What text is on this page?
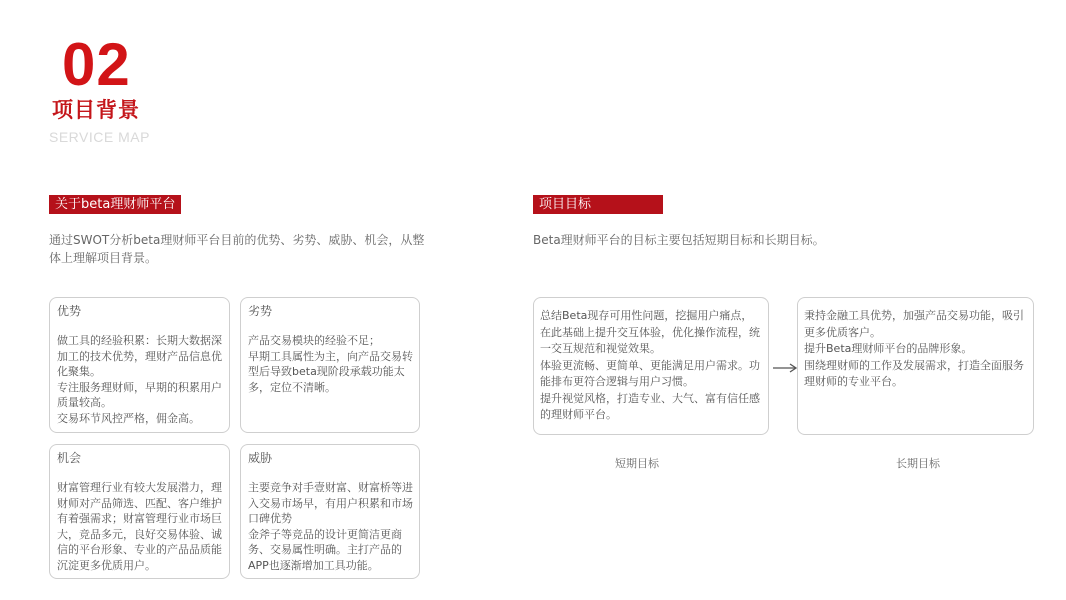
02
项目背景
SERVICE MAP
关于beta理财师平台
通过SWOT分析beta理财师平台目前的优势、劣势、威胁、机会，从整体上理解项目背景。
优势

做工具的经验积累：长期大数据深加工的技术优势，理财产品信息优化聚集。

专注服务理财师，早期的积累用户质量较高。

交易环节风控严格，佣金高。

劣势

产品交易模块的经验不足；

早期工具属性为主，向产品交易转型后导致beta现阶段承载功能太多，定位不清晰。

机会

财富管理行业有较大发展潜力，理财师对产品筛选、匹配、客户维护有着强需求；财富管理行业市场巨大，竞品多元，良好交易体验、诚信的平台形象、专业的产品品质能沉淀更多优质用户。

威胁

主要竞争对手壹财富、财富桥等进入交易市场早，有用户积累和市场口碑优势

金斧子等竞品的设计更简洁更商务、交易属性明确。主打产品的APP也逐渐增加工具功能。

项目目标
Beta理财师平台的目标主要包括短期目标和长期目标。

总结Beta现存可用性问题，挖掘用户痛点，在此基础上提升交互体验，优化操作流程，统一交互规范和视觉效果。

体验更流畅、更简单、更能满足用户需求。功能排布更符合逻辑与用户习惯。

提升视觉风格，打造专业、大气、富有信任感的理财师平台。

秉持金融工具优势，加强产品交易功能，吸引更多优质客户。

提升Beta理财师平台的品牌形象。

围绕理财师的工作及发展需求，打造全面服务理财师的专业平台。

短期目标	长期目标
